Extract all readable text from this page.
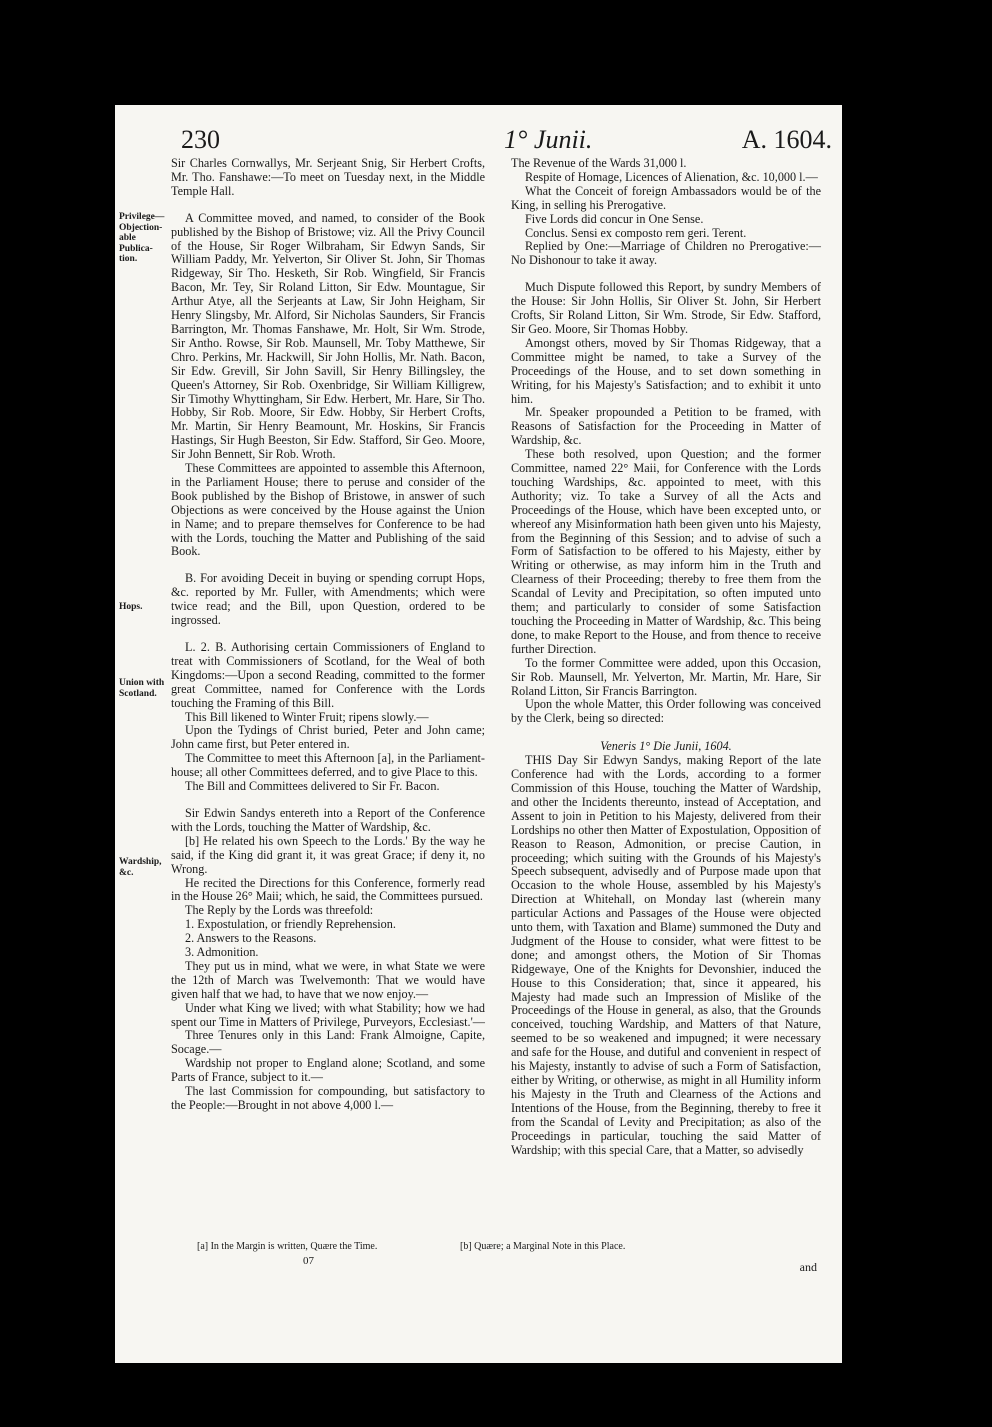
230	1° Junii.	A. 1604.
Privilege— Objection- able Publica- tion.
Hops.
Union with Scotland.
Wardship, &c.

Sir Charles Cornwallys, Mr. Serjeant Snig, Sir Herbert Crofts, Mr. Tho. Fanshawe:—To meet on Tuesday next, in the Middle Temple Hall.

A Committee moved, and named, to consider of the Book published by the Bishop of Bristowe; viz. All the Privy Council of the House, Sir Roger Wilbraham, Sir Edwyn Sands, Sir William Paddy, Mr. Yelverton, Sir Oliver St. John, Sir Thomas Ridgeway, Sir Tho. Hesketh, Sir Rob. Wingfield, Sir Francis Bacon, Mr. Tey, Sir Roland Litton, Sir Edw. Mountague, Sir Arthur Atye, all the Serjeants at Law, Sir John Heigham, Sir Henry Slingsby, Mr. Alford, Sir Nicholas Saunders, Sir Francis Barrington, Mr. Thomas Fanshawe, Mr. Holt, Sir Wm. Strode, Sir Antho. Rowse, Sir Rob. Maunsell, Mr. Toby Matthewe, Sir Chro. Perkins, Mr. Hackwill, Sir John Hollis, Mr. Nath. Bacon, Sir Edw. Grevill, Sir John Savill, Sir Henry Billingsley, the Queen's Attorney, Sir Rob. Oxenbridge, Sir William Killigrew, Sir Timothy Whyttingham, Sir Edw. Herbert, Mr. Hare, Sir Tho. Hobby, Sir Rob. Moore, Sir Edw. Hobby, Sir Herbert Crofts, Mr. Martin, Sir Henry Beamount, Mr. Hoskins, Sir Francis Hastings, Sir Hugh Beeston, Sir Edw. Stafford, Sir Geo. Moore, Sir John Bennett, Sir Rob. Wroth.

These Committees are appointed to assemble this Afternoon, in the Parliament House; there to peruse and consider of the Book published by the Bishop of Bristowe, in answer of such Objections as were conceived by the House against the Union in Name; and to prepare themselves for Conference to be had with the Lords, touching the Matter and Publishing of the said Book.

B. For avoiding Deceit in buying or spending corrupt Hops, &c. reported by Mr. Fuller, with Amendments; which were twice read; and the Bill, upon Question, ordered to be ingrossed.

L. 2. B. Authorising certain Commissioners of England to treat with Commissioners of Scotland, for the Weal of both Kingdoms:—Upon a second Reading, committed to the former great Committee, named for Conference with the Lords touching the Framing of this Bill.

This Bill likened to Winter Fruit; ripens slowly.—

Upon the Tydings of Christ buried, Peter and John came; John came first, but Peter entered in.

The Committee to meet this Afternoon [a], in the Parliament-house; all other Committees deferred, and to give Place to this.

The Bill and Committees delivered to Sir Fr. Bacon.

Sir Edwin Sandys entereth into a Report of the Conference with the Lords, touching the Matter of Wardship, &c.

[b] He related his own Speech to the Lords.' By the way he said, if the King did grant it, it was great Grace; if deny it, no Wrong.

He recited the Directions for this Conference, formerly read in the House 26° Maii; which, he said, the Committees pursued.

The Reply by the Lords was threefold:

1. Expostulation, or friendly Reprehension.

2. Answers to the Reasons.

3. Admonition.

They put us in mind, what we were, in what State we were the 12th of March was Twelvemonth: That we would have given half that we had, to have that we now enjoy.—

Under what King we lived; with what Stability; how we had spent our Time in Matters of Privilege, Purveyors, Ecclesiast.'—

Three Tenures only in this Land: Frank Almoigne, Capite, Socage.—

Wardship not proper to England alone; Scotland, and some Parts of France, subject to it.—

The last Commission for compounding, but satisfactory to the People:—Brought in not above 4,000 l.—

The Revenue of the Wards 31,000 l.

Respite of Homage, Licences of Alienation, &c. 10,000 l.—

What the Conceit of foreign Ambassadors would be of the King, in selling his Prerogative.

Five Lords did concur in One Sense.

Conclus. Sensi ex composto rem geri. Terent.

Replied by One:—Marriage of Children no Prerogative:—No Dishonour to take it away.

Much Dispute followed this Report, by sundry Members of the House: Sir John Hollis, Sir Oliver St. John, Sir Herbert Crofts, Sir Roland Litton, Sir Wm. Strode, Sir Edw. Stafford, Sir Geo. Moore, Sir Thomas Hobby.

Amongst others, moved by Sir Thomas Ridgeway, that a Committee might be named, to take a Survey of the Proceedings of the House, and to set down something in Writing, for his Majesty's Satisfaction; and to exhibit it unto him.

Mr. Speaker propounded a Petition to be framed, with Reasons of Satisfaction for the Proceeding in Matter of Wardship, &c.

These both resolved, upon Question; and the former Committee, named 22° Maii, for Conference with the Lords touching Wardships, &c. appointed to meet, with this Authority; viz. To take a Survey of all the Acts and Proceedings of the House, which have been excepted unto, or whereof any Misinformation hath been given unto his Majesty, from the Beginning of this Session; and to advise of such a Form of Satisfaction to be offered to his Majesty, either by Writing or otherwise, as may inform him in the Truth and Clearness of their Proceeding; thereby to free them from the Scandal of Levity and Precipitation, so often imputed unto them; and particularly to consider of some Satisfaction touching the Proceeding in Matter of Wardship, &c. This being done, to make Report to the House, and from thence to receive further Direction.

To the former Committee were added, upon this Occasion, Sir Rob. Maunsell, Mr. Yelverton, Mr. Martin, Mr. Hare, Sir Roland Litton, Sir Francis Barrington.

Upon the whole Matter, this Order following was conceived by the Clerk, being so directed:

Veneris 1° Die Junii, 1604.

THIS Day Sir Edwyn Sandys, making Report of the late Conference had with the Lords, according to a former Commission of this House, touching the Matter of Wardship, and other the Incidents thereunto, instead of Acceptation, and Assent to join in Petition to his Majesty, delivered from their Lordships no other then Matter of Expostulation, Opposition of Reason to Reason, Admonition, or precise Caution, in proceeding; which suiting with the Grounds of his Majesty's Speech subsequent, advisedly and of Purpose made upon that Occasion to the whole House, assembled by his Majesty's Direction at Whitehall, on Monday last (wherein many particular Actions and Passages of the House were objected unto them, with Taxation and Blame) summoned the Duty and Judgment of the House to consider, what were fittest to be done; and amongst others, the Motion of Sir Thomas Ridgewaye, One of the Knights for Devonshier, induced the House to this Consideration; that, since it appeared, his Majesty had made such an Impression of Mislike of the Proceedings of the House in general, as also, that the Grounds conceived, touching Wardship, and Matters of that Nature, seemed to be so weakened and impugned; it were necessary and safe for the House, and dutiful and convenient in respect of his Majesty, instantly to advise of such a Form of Satisfaction, either by Writing, or otherwise, as might in all Humility inform his Majesty in the Truth and Clearness of the Actions and Intentions of the House, from the Beginning, thereby to free it from the Scandal of Levity and Precipitation; as also of the Proceedings in particular, touching the said Matter of Wardship; with this special Care, that a Matter, so advisedly

[a] In the Margin is written, Quære the Time.	[b] Quære; a Marginal Note in this Place.
07	and
